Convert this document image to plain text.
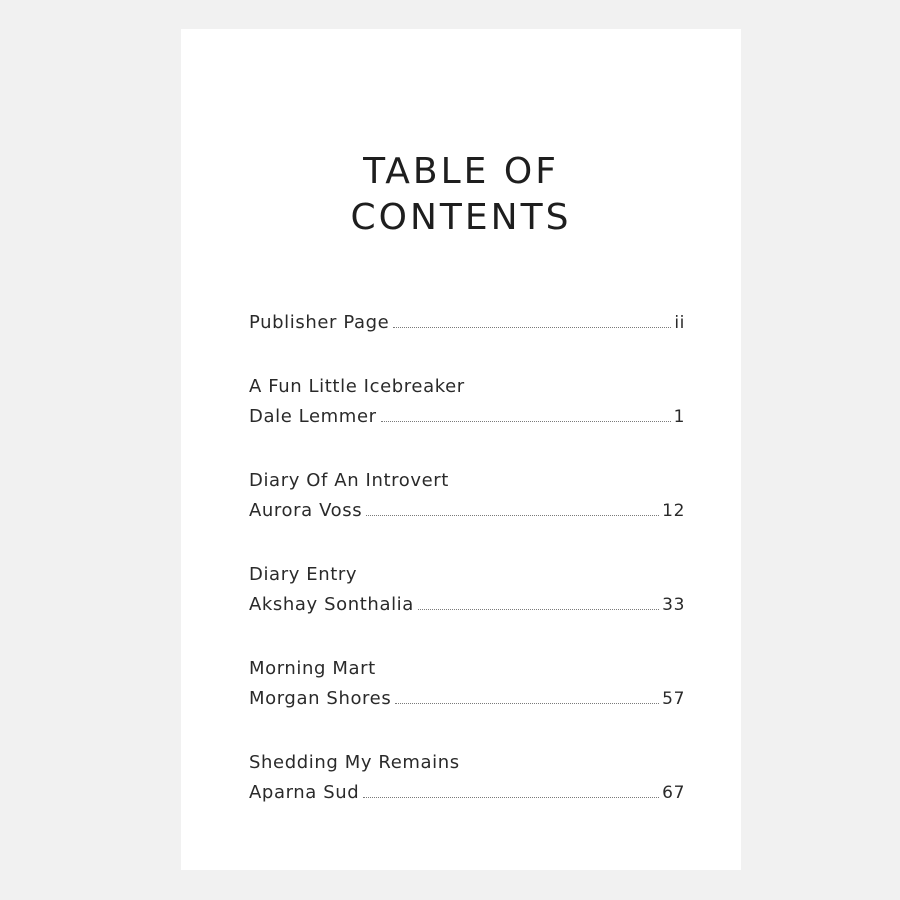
TABLE OF
CONTENTS
Publisher Page	ii
A Fun Little Icebreaker
Dale Lemmer	1
Diary Of An Introvert
Aurora Voss	12
Diary Entry
Akshay Sonthalia	33
Morning Mart
Morgan Shores	57
Shedding My Remains
Aparna Sud	67
